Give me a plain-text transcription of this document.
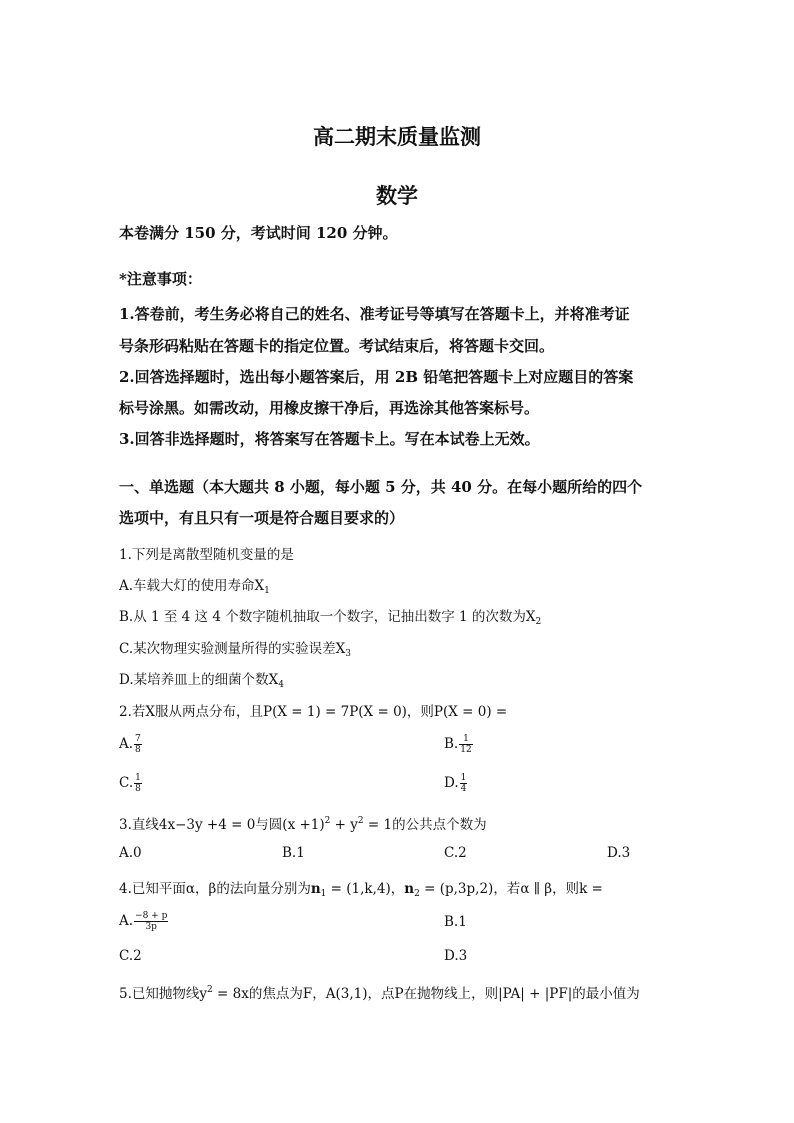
高二期末质量监测
数学
本卷满分 150 分，考试时间 120 分钟。
*注意事项：
1.答卷前，考生务必将自己的姓名、准考证号等填写在答题卡上，并将准考证
号条形码粘贴在答题卡的指定位置。考试结束后，将答题卡交回。
2.回答选择题时，选出每小题答案后，用 2B 铅笔把答题卡上对应题目的答案
标号涂黑。如需改动，用橡皮擦干净后，再选涂其他答案标号。
3.回答非选择题时，将答案写在答题卡上。写在本试卷上无效。
一、单选题（本大题共 8 小题，每小题 5 分，共 40 分。在每小题所给的四个
选项中，有且只有一项是符合题目要求的）
1.下列是离散型随机变量的是
A.车载大灯的使用寿命$X_1$
B.从 1 至 4 这 4 个数字随机抽取一个数字，记抽出数字 1 的次数为$X_2$
C.某次物理实验测量所得的实验误差$X_3$
D.某培养皿上的细菌个数$X_4$
2.若X服从两点分布，且P(X = 1) = 7P(X = 0)，则P(X = 0) =
A. $\frac{7}{8}$	B. $\frac{1}{12}$
C. $\frac{1}{8}$	D. $\frac{1}{4}$
3.直线4x−3y +4 = 0与圆$(x +1)^2 + y^2 = 1$的公共点个数为
A.0	B.1	C.2	D.3
4.已知平面α，β的法向量分别为$n_1 = (1,k,4)$，$n_2 = (p,3p,2)$，若α ∥ β，则k =
A. $\frac{-8 + p}{3p}$	B.1
C.2	D.3
5.已知抛物线$y^2 = 8x$的焦点为F，A(3,1)，点P在抛物线上，则|PA| + |PF|的最小值为
